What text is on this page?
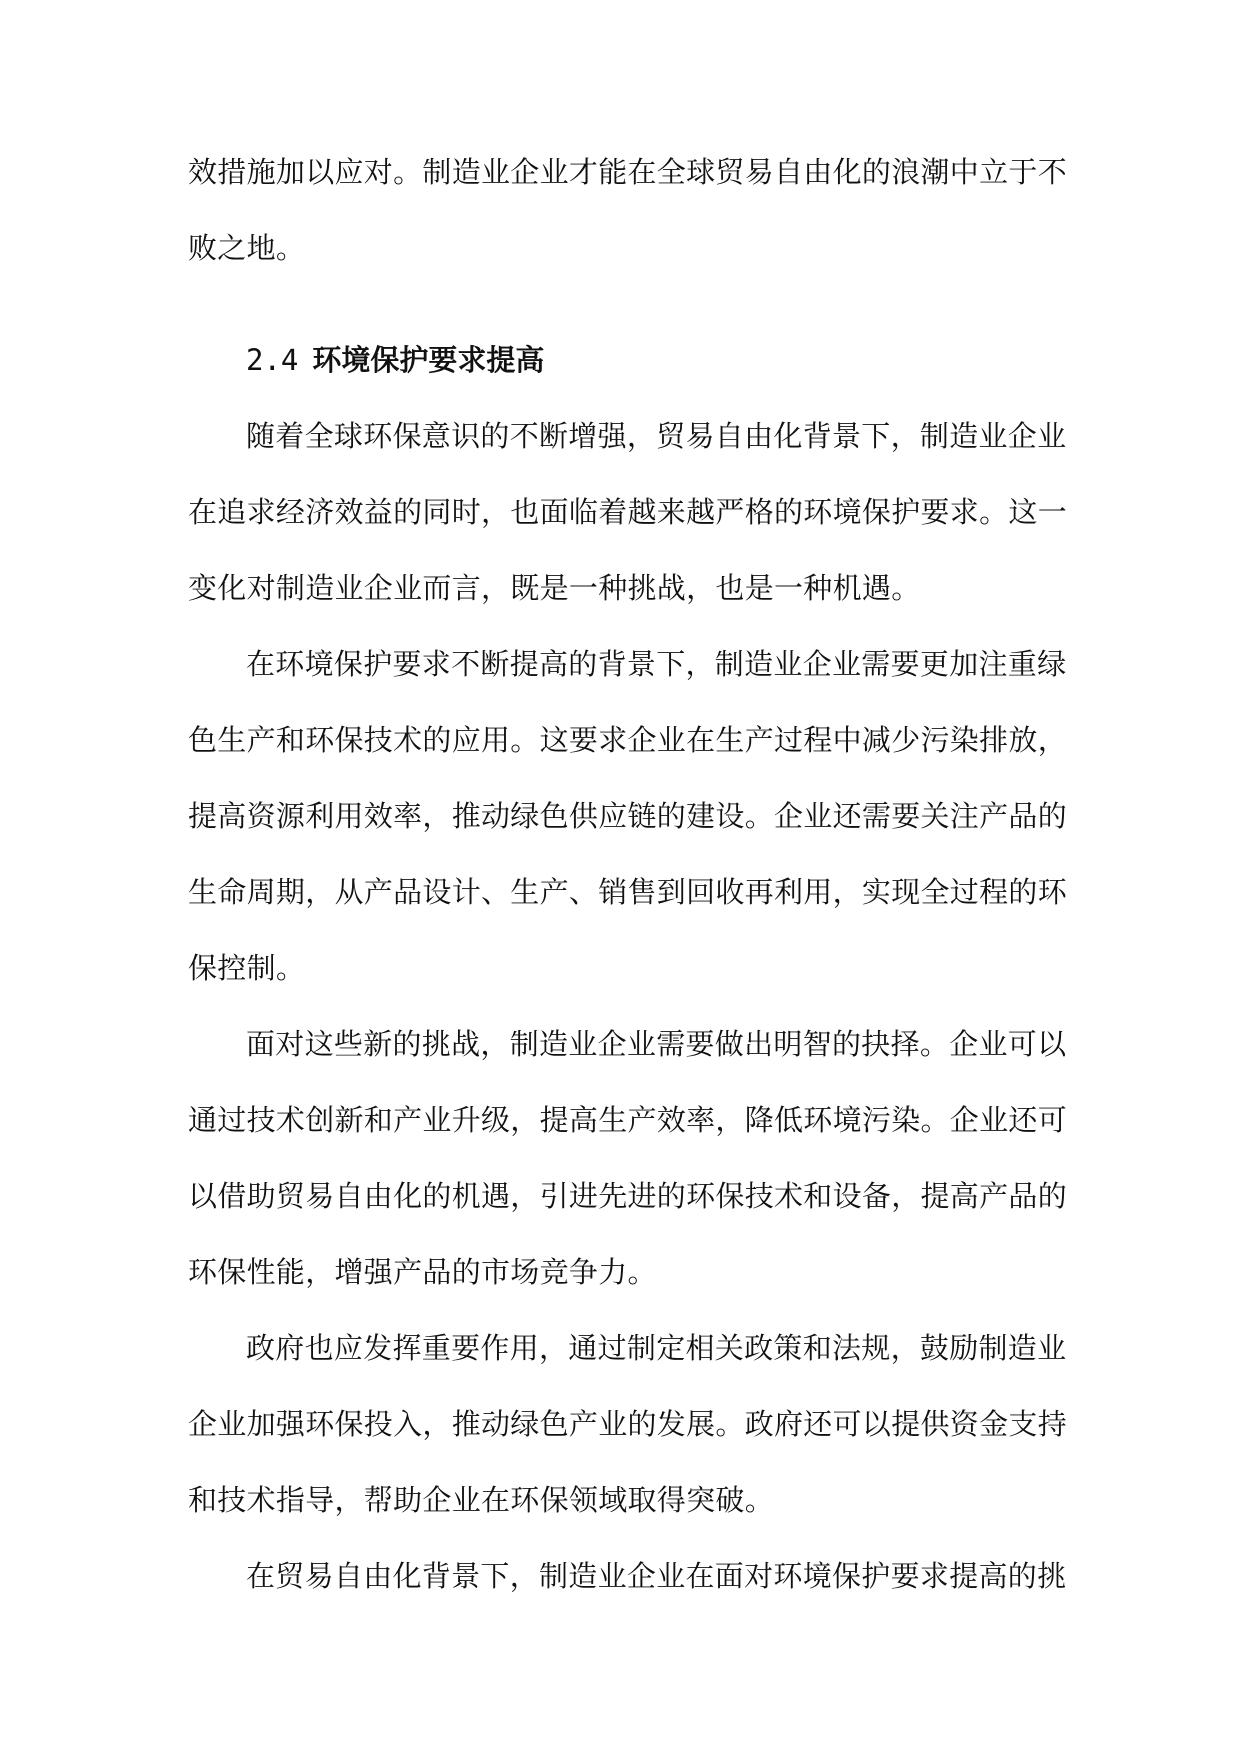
效措施加以应对。制造业企业才能在全球贸易自由化的浪潮中立于不
败之地。
2.4 环境保护要求提高
随着全球环保意识的不断增强，贸易自由化背景下，制造业企业
在追求经济效益的同时，也面临着越来越严格的环境保护要求。这一
变化对制造业企业而言，既是一种挑战，也是一种机遇。
在环境保护要求不断提高的背景下，制造业企业需要更加注重绿
色生产和环保技术的应用。这要求企业在生产过程中减少污染排放，
提高资源利用效率，推动绿色供应链的建设。企业还需要关注产品的
生命周期，从产品设计、生产、销售到回收再利用，实现全过程的环
保控制。
面对这些新的挑战，制造业企业需要做出明智的抉择。企业可以
通过技术创新和产业升级，提高生产效率，降低环境污染。企业还可
以借助贸易自由化的机遇，引进先进的环保技术和设备，提高产品的
环保性能，增强产品的市场竞争力。
政府也应发挥重要作用，通过制定相关政策和法规，鼓励制造业
企业加强环保投入，推动绿色产业的发展。政府还可以提供资金支持
和技术指导，帮助企业在环保领域取得突破。
在贸易自由化背景下，制造业企业在面对环境保护要求提高的挑
